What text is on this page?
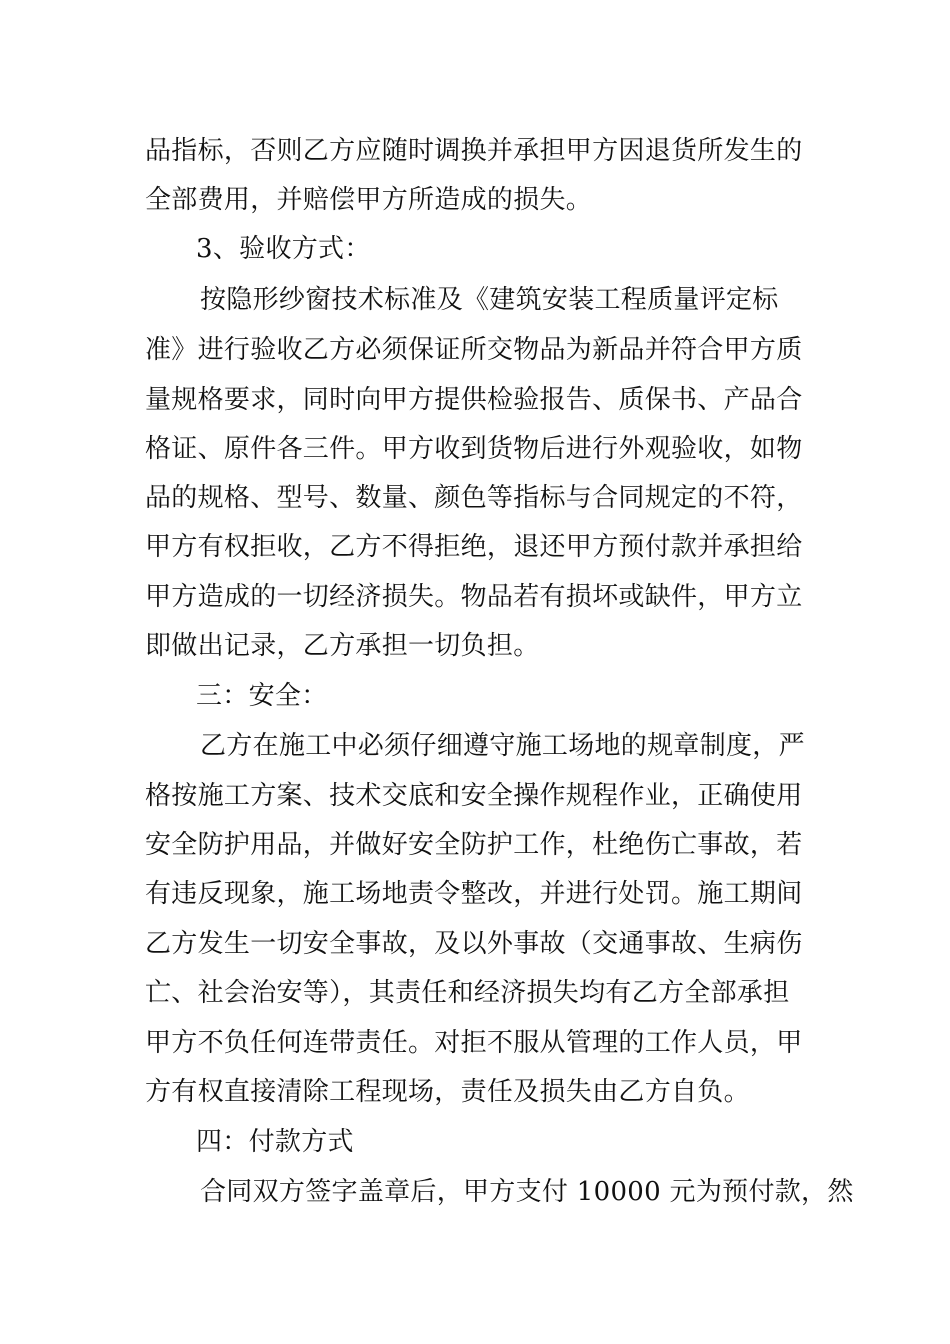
品指标，否则乙方应随时调换并承担甲方因退货所发生的
全部费用，并赔偿甲方所造成的损失。
3、验收方式：
按隐形纱窗技术标准及《建筑安装工程质量评定标
准》进行验收乙方必须保证所交物品为新品并符合甲方质
量规格要求，同时向甲方提供检验报告、质保书、产品合
格证、原件各三件。甲方收到货物后进行外观验收，如物
品的规格、型号、数量、颜色等指标与合同规定的不符，
甲方有权拒收，乙方不得拒绝，退还甲方预付款并承担给
甲方造成的一切经济损失。物品若有损坏或缺件，甲方立
即做出记录，乙方承担一切负担。
三：安全：
乙方在施工中必须仔细遵守施工场地的规章制度，严
格按施工方案、技术交底和安全操作规程作业，正确使用
安全防护用品，并做好安全防护工作，杜绝伤亡事故，若
有违反现象，施工场地责令整改，并进行处罚。施工期间
乙方发生一切安全事故，及以外事故（交通事故、生病伤
亡、社会治安等），其责任和经济损失均有乙方全部承担
甲方不负任何连带责任。对拒不服从管理的工作人员，甲
方有权直接清除工程现场，责任及损失由乙方自负。
四：付款方式
合同双方签字盖章后，甲方支付 10000 元为预付款，然
